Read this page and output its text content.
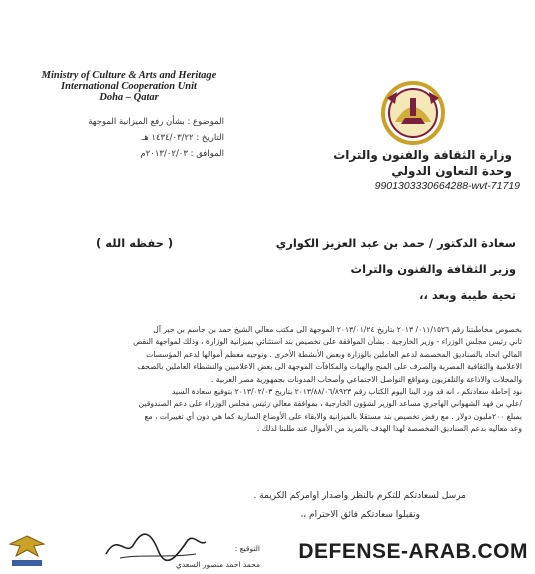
Ministry of Culture & Arts and Heritage
International Cooperation Unit
Doha – Qatar
الموضوع : بشأن رفع الميزانية الموجهة
التاريخ : ١٤٣٤/٠٣/٢٢ هـ
الموافق : ٢٠١٣/٠٢/٠٣م	وزارة الثقافة والفنون والتراث
وحدة التعاون الدولي
9901303330664288-wvt-71719
سعادة الدكتور / حمد بن عبد العزيز الكواري
( حفظه الله )
وزير الثقافة والفنون والتراث
تحية طيبة وبعد ،،
بخصوص مخاطبتنا رقم ٠١١/١٥٢٦/ ٢٠١٣ بتاريخ ٢٠١٣/٠١/٢٤ الموجهة الى مكتب معالي الشيخ حمد بن جاسم بن جبر آل
ثاني رئيس مجلس الوزراء - وزير الخارجية . بشأن الموافقة على تخصيص بند استثنائي بميزانية الوزارة ، وذلك لمواجهة النقص
المالي اتحاد بالصناديق المخصصة لدعم العاملين بالوزارة وبعض الأنشطة الأخرى . وتوجيه معظم أموالها لدعم المؤسسات
الاعلامية والثقافية المصرية والصرف على المنح والهبات والمكافآت الموجهة الى بعض الاعلاميين والنشطاء العاملين بالصحف
والمجلات والاذاعة والتلفزيون ومواقع التواصل الاجتماعي وأصحاب المدونات بجمهورية مصر العربية .
نود إحاطة سعادتكم ، انه قد ورد الينا اليوم الكتاب رقم ٢٠١٣/٨٨/٠٦/٨٩٢٣ بتاريخ ٢٠١٣/٠٢/٠٣ بتوقيع سعادة السيد
/علي بن فهد الشهواني الهاجري مساعد الوزير لشؤون الخارجية ، بموافقة معالي رئيس مجلس الوزراء على دعم الصندوقين
بمبلغ ٢٠٠مليون دولار . مع رفض تخصيص بند مستقلا بالميزانية والابقاء على الأوضاع السارية كما هي دون أي تغييرات ، مع
وعد معاليه بدعم الصناديق المخصصة لهذا الهدف بالمزيد من الأموال عند طلبنا لذلك .
مرسل لسعادتكم للتكرم بالنظر واصدار اوامركم الكريمة .
وتقبلوا سعادتكم فائق الاحترام ،،
التوقيع :
محمد احمد منصور السعدي
DEFENSE-ARAB.COM
